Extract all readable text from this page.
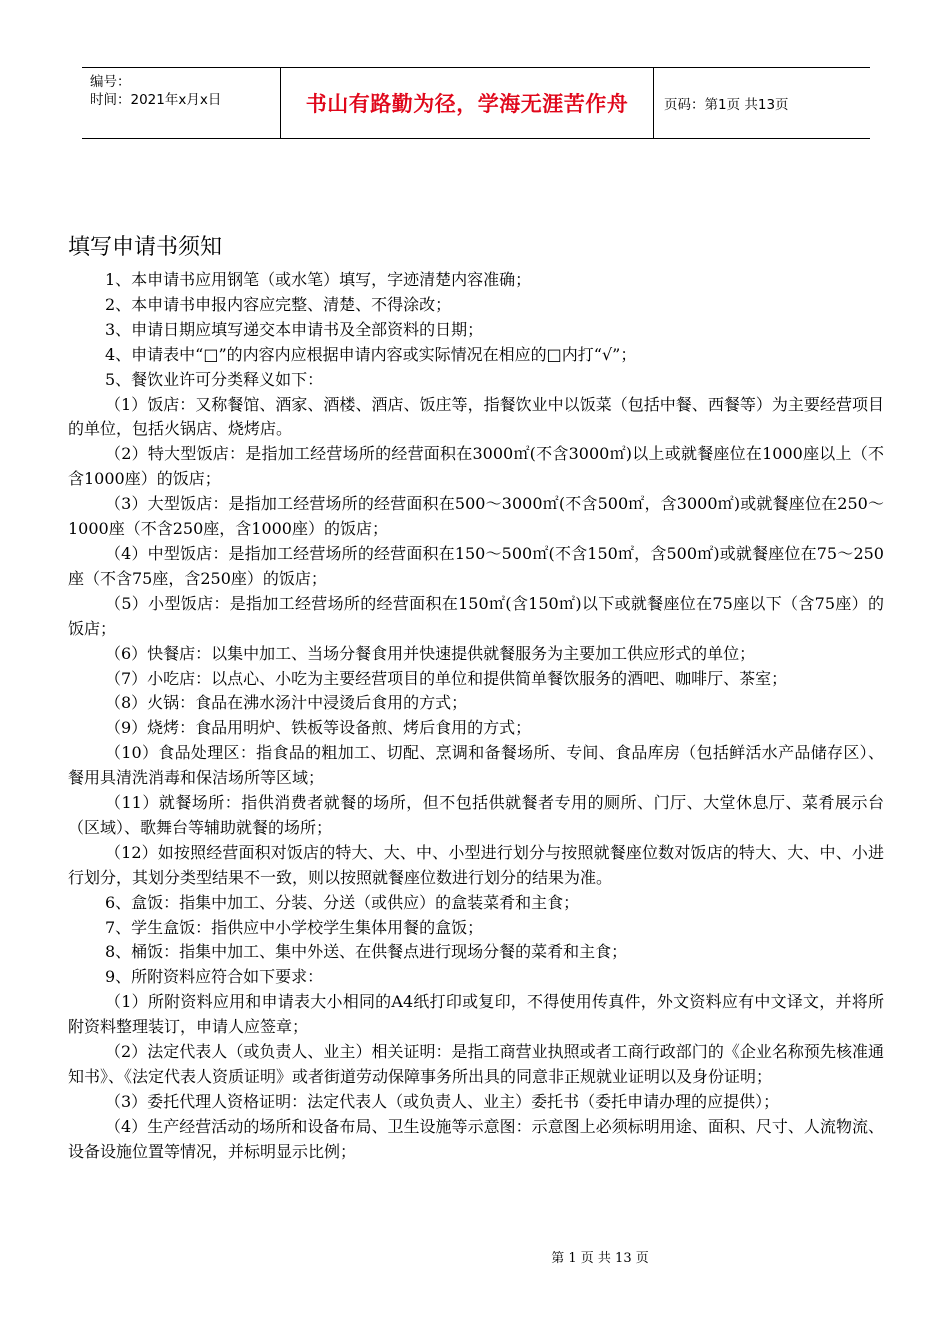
编号：
时间：2021年x月x日	书山有路勤为径，学海无涯苦作舟	页码：第1页 共13页
填写申请书须知

1、本申请书应用钢笔（或水笔）填写，字迹清楚内容准确；

2、本申请书申报内容应完整、清楚、不得涂改；

3、申请日期应填写递交本申请书及全部资料的日期；

4、申请表中“□”的内容内应根据申请内容或实际情况在相应的□内打“√”；

5、餐饮业许可分类释义如下：

（1）饭店：又称餐馆、酒家、酒楼、酒店、饭庄等，指餐饮业中以饭菜（包括中餐、西餐等）为主要经营项目的单位，包括火锅店、烧烤店。

（2）特大型饭店：是指加工经营场所的经营面积在3000㎡(不含3000㎡)以上或就餐座位在1000座以上（不含1000座）的饭店；

（3）大型饭店：是指加工经营场所的经营面积在500～3000㎡(不含500㎡，含3000㎡)或就餐座位在250～1000座（不含250座，含1000座）的饭店；

（4）中型饭店：是指加工经营场所的经营面积在150～500㎡(不含150㎡，含500㎡)或就餐座位在75～250座（不含75座，含250座）的饭店；

（5）小型饭店：是指加工经营场所的经营面积在150㎡(含150㎡)以下或就餐座位在75座以下（含75座）的饭店；

（6）快餐店：以集中加工、当场分餐食用并快速提供就餐服务为主要加工供应形式的单位；

（7）小吃店：以点心、小吃为主要经营项目的单位和提供简单餐饮服务的酒吧、咖啡厅、茶室；

（8）火锅：食品在沸水汤汁中浸烫后食用的方式；

（9）烧烤：食品用明炉、铁板等设备煎、烤后食用的方式；

（10）食品处理区：指食品的粗加工、切配、烹调和备餐场所、专间、食品库房（包括鲜活水产品储存区）、餐用具清洗消毒和保洁场所等区域；

（11）就餐场所：指供消费者就餐的场所，但不包括供就餐者专用的厕所、门厅、大堂休息厅、菜肴展示台（区域）、歌舞台等辅助就餐的场所；

（12）如按照经营面积对饭店的特大、大、中、小型进行划分与按照就餐座位数对饭店的特大、大、中、小进行划分，其划分类型结果不一致，则以按照就餐座位数进行划分的结果为准。

6、盒饭：指集中加工、分装、分送（或供应）的盒装菜肴和主食；

7、学生盒饭：指供应中小学校学生集体用餐的盒饭；

8、桶饭：指集中加工、集中外送、在供餐点进行现场分餐的菜肴和主食；

9、所附资料应符合如下要求：

（1）所附资料应用和申请表大小相同的A4纸打印或复印，不得使用传真件，外文资料应有中文译文，并将所附资料整理装订，申请人应签章；

（2）法定代表人（或负责人、业主）相关证明：是指工商营业执照或者工商行政部门的《企业名称预先核准通知书》、《法定代表人资质证明》或者街道劳动保障事务所出具的同意非正规就业证明以及身份证明；

（3）委托代理人资格证明：法定代表人（或负责人、业主）委托书（委托申请办理的应提供）；

（4）生产经营活动的场所和设备布局、卫生设施等示意图：示意图上必须标明用途、面积、尺寸、人流物流、设备设施位置等情况，并标明显示比例；

第 1 页 共 13 页
